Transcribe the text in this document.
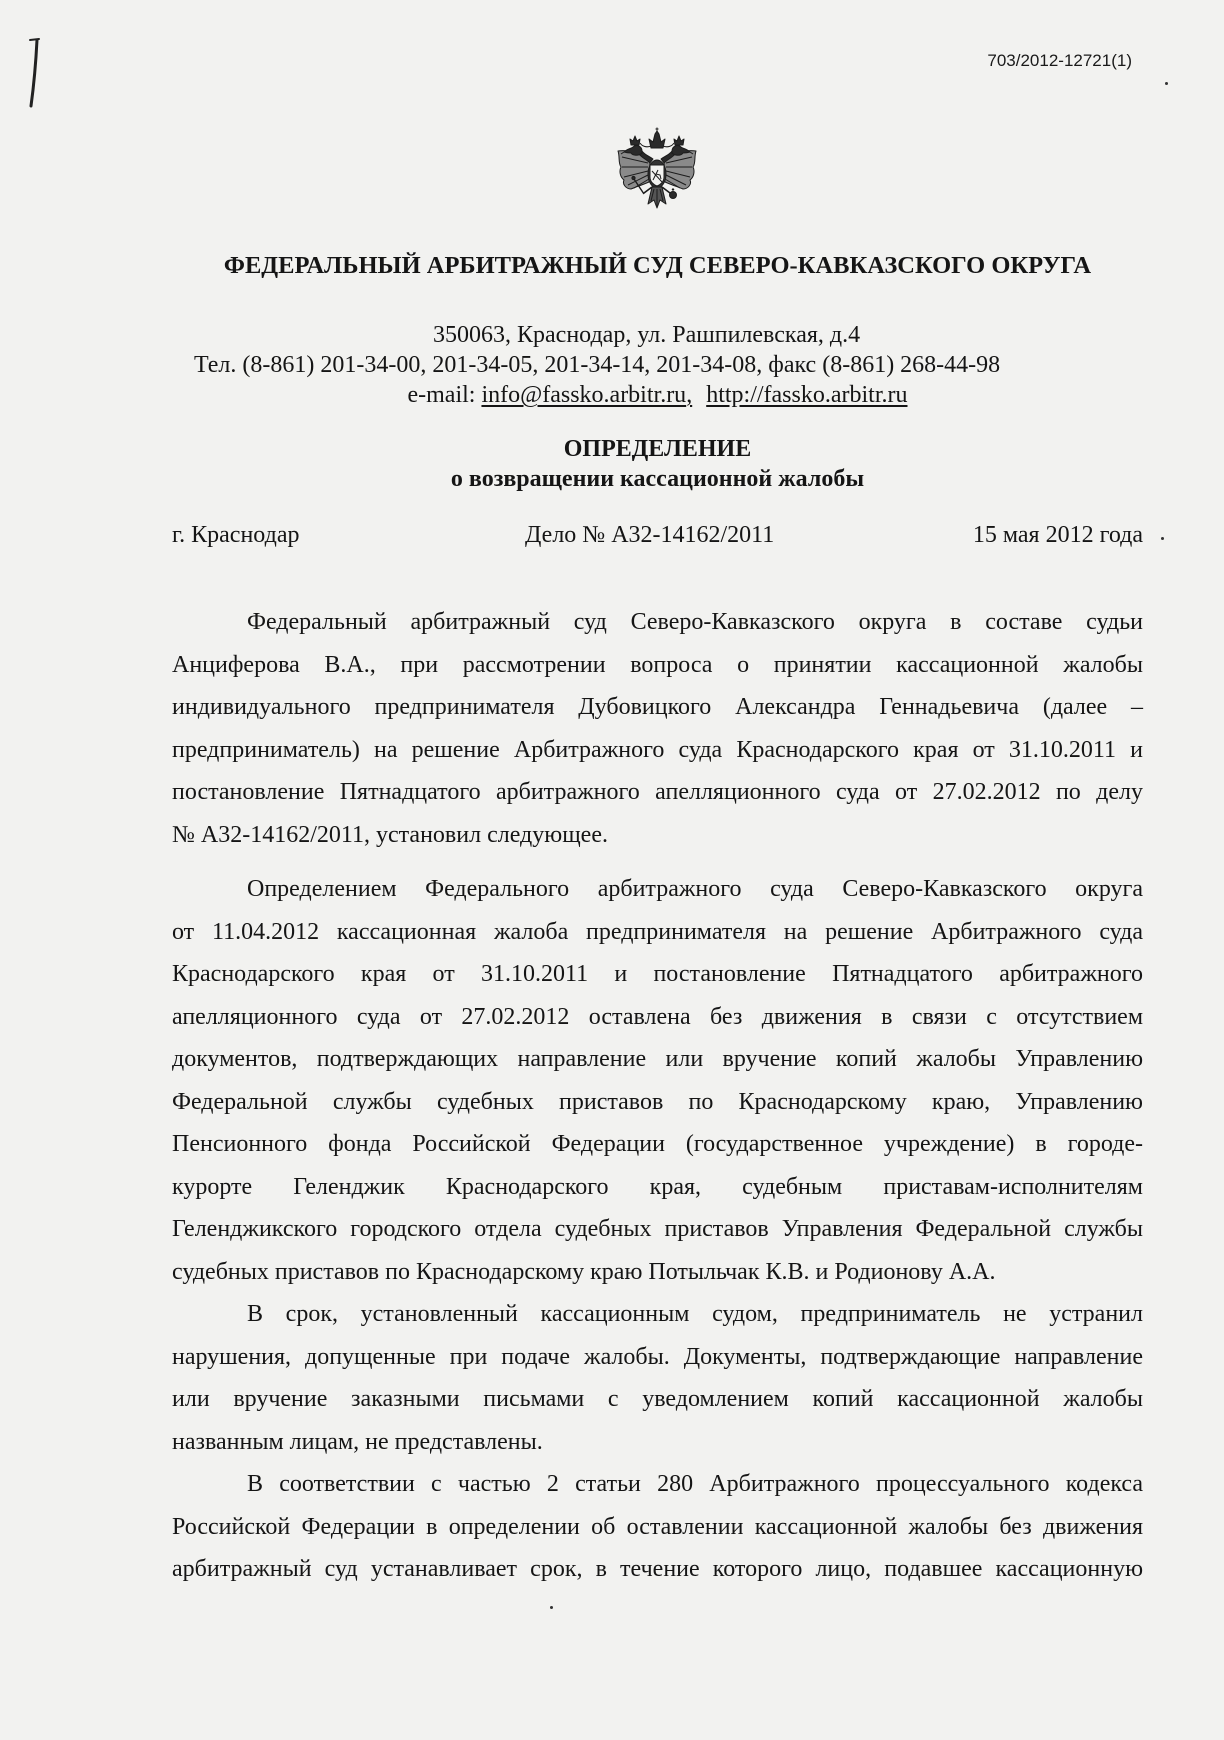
703/2012-12721(1)
ФЕДЕРАЛЬНЫЙ АРБИТРАЖНЫЙ СУД СЕВЕРО-КАВКАЗСКОГО ОКРУГА
350063, Краснодар, ул. Рашпилевская, д.4
Тел. (8-861) 201-34-00, 201-34-05, 201-34-14, 201-34-08, факс (8-861) 268-44-98
e-mail: info@fassko.arbitr.ru, http://fassko.arbitr.ru
ОПРЕДЕЛЕНИЕ
о возвращении кассационной жалобы
г. Краснодар	Дело № А32-14162/2011	15 мая 2012 года
Федеральный арбитражный суд Северо-Кавказского округа в составе судьи
Анциферова В.А., при рассмотрении вопроса о принятии кассационной жалобы
индивидуального предпринимателя Дубовицкого Александра Геннадьевича (далее –
предприниматель) на решение Арбитражного суда Краснодарского края от 31.10.2011 и
постановление Пятнадцатого арбитражного апелляционного суда от 27.02.2012 по делу
№ А32-14162/2011, установил следующее.
Определением Федерального арбитражного суда Северо-Кавказского округа
от 11.04.2012 кассационная жалоба предпринимателя на решение Арбитражного суда
Краснодарского края от 31.10.2011 и постановление Пятнадцатого арбитражного
апелляционного суда от 27.02.2012 оставлена без движения в связи с отсутствием
документов, подтверждающих направление или вручение копий жалобы Управлению
Федеральной службы судебных приставов по Краснодарскому краю, Управлению
Пенсионного фонда Российской Федерации (государственное учреждение) в городе-
курорте Геленджик Краснодарского края, судебным приставам-исполнителям
Геленджикского городского отдела судебных приставов Управления Федеральной службы
судебных приставов по Краснодарскому краю Потыльчак К.В. и Родионову А.А.
В срок, установленный кассационным судом, предприниматель не устранил
нарушения, допущенные при подаче жалобы. Документы, подтверждающие направление
или вручение заказными письмами с уведомлением копий кассационной жалобы
названным лицам, не представлены.
В соответствии с частью 2 статьи 280 Арбитражного процессуального кодекса
Российской Федерации в определении об оставлении кассационной жалобы без движения
арбитражный суд устанавливает срок, в течение которого лицо, подавшее кассационную
